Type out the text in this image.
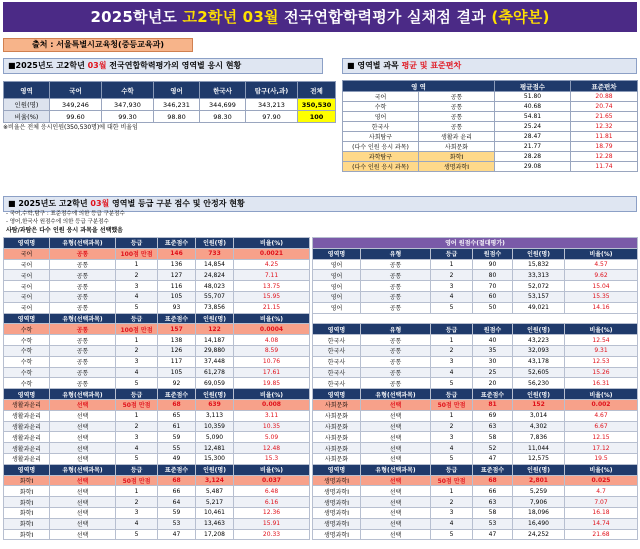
2025학년도 고2학년 03월 전국연합학력평가 실채점 결과 (축약본)
출처 : 서울특별시교육청(중등교육과)
■2025년도 고2학년 03월 전국연합학력평가의 영역별 응시 현황	■ 영역별 과목 평균 및 표준편차
영역	국어	수학	영어	한국사	탐구(사,과)	전체
인원(명)	349,246	347,930	346,231	344,699	343,213	350,530
비율(%)	99.60	99.30	98.80	98.30	97.90	100
※비율은 전체 응시인원(350,530명)에 대한 비율임
영 역		평균점수	표준편차
국어	공통	51.80	20.88
수학	공통	40.68	20.74
영어	공통	54.81	21.65
한국사	공통	25.24	12.32
사회탐구	생활과 윤리	28.47	11.81
(다수 인원 응시 과목)	사회문화	21.77	18.79
과학탐구	화학I	28.28	12.28
(다수 인원 응시 과목)	생명과학I	29.08	11.74
■ 2025년도 고2학년 03월 영역별 등급 구분 점수 및 안정자 현황
- 국어,수학,탐구 : 표준점수에 의한 등급 구분점수
- 영어,한국사 원점수에 의한 등급 구분점수
사탐/과탐은 다수 인원 응시 과목을 선택했음
영역명	유형(선택과목)	등급	표준점수	인원(명)	비율(%)
국어	공통	100점 만점	146	733	0.0021
국어	공통	1	136	14,854	4.25
국어	공통	2	127	24,824	7.11
국어	공통	3	116	48,023	13.75
국어	공통	4	105	55,707	15.95
국어	공통	5	93	73,856	21.15
영역명	유형(선택과목)	등급	표준점수	인원(명)	비율(%)
수학	공통	100점 만점	157	122	0.0004
수학	공통	1	138	14,187	4.08
수학	공통	2	126	29,880	8.59
수학	공통	3	117	37,448	10.76
수학	공통	4	105	61,278	17.61
수학	공통	5	92	69,059	19.85
영역명	유형(선택과목)	등급	표준점수	인원(명)	비율(%)
생활과윤리	선택	50점 만점	68	639	0.008
생활과윤리	선택	1	65	3,113	3.11
생활과윤리	선택	2	61	10,359	10.35
생활과윤리	선택	3	59	5,090	5.09
생활과윤리	선택	4	55	12,481	12.48
생활과윤리	선택	5	49	15,300	15.3
영역명	유형(선택과목)	등급	표준점수	인원(명)	비율(%)
화학I	선택	50점 만점	68	3,124	0.037
화학I	선택	1	66	5,487	6.48
화학I	선택	2	64	5,217	6.16
화학I	선택	3	59	10,461	12.36
화학I	선택	4	53	13,463	15.91
화학I	선택	5	47	17,208	20.33
영어 원점수(절대평가)					
영역명	유형	등급	원점수	인원(명)	비율(%)
영어	공통	1	90	15,832	4.57
영어	공통	2	80	33,313	9.62
영어	공통	3	70	52,072	15.04
영어	공통	4	60	53,157	15.35
영어	공통	5	50	49,021	14.16
한국사 원점수(절대평가)					
영역명	유형	등급	원점수	인원(명)	비율(%)
한국사	공통	1	40	43,223	12.54
한국사	공통	2	35	32,093	9.31
한국사	공통	3	30	43,178	12.53
한국사	공통	4	25	52,605	15.26
한국사	공통	5	20	56,230	16.31
영역명	유형(선택과목)	등급	표준점수	인원(명)	비율(%)
사회문화	선택	50점 만점	81	152	0.002
사회문화	선택	1	69	3,014	4.67
사회문화	선택	2	63	4,302	6.67
사회문화	선택	3	58	7,836	12.15
사회문화	선택	4	52	11,044	17.12
사회문화	선택	5	47	12,575	19.5
영역명	유형(선택과목)	등급	표준점수	인원(명)	비율(%)
생명과학I	선택	50점 만점	68	2,801	0.025
생명과학I	선택	1	66	5,259	4.7
생명과학I	선택	2	63	7,906	7.07
생명과학I	선택	3	58	18,096	16.18
생명과학I	선택	4	53	16,490	14.74
생명과학I	선택	5	47	24,252	21.68
